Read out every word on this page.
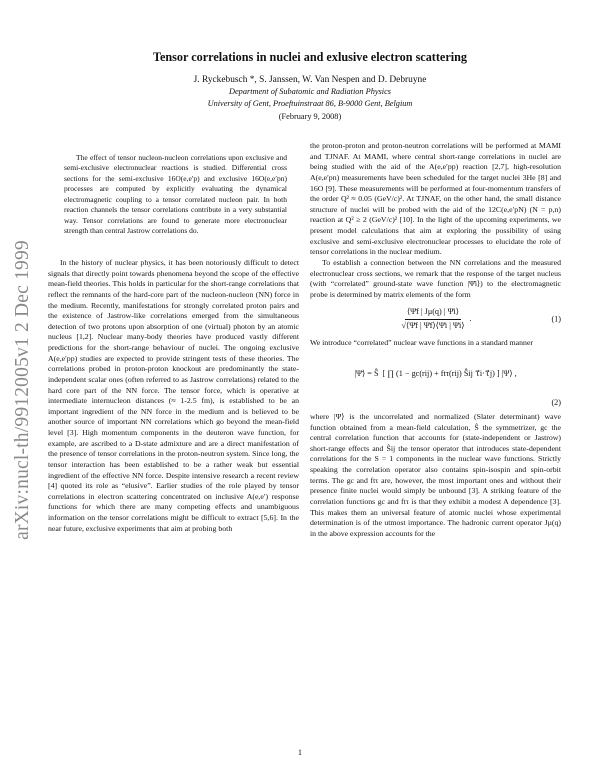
arXiv:nucl-th/9912005v1 2 Dec 1999
Tensor correlations in nuclei and exlusive electron scattering
J. Ryckebusch *, S. Janssen, W. Van Nespen and D. Debruyne
Department of Subatomic and Radiation Physics
University of Gent, Proeftuinstraat 86, B-9000 Gent, Belgium
(February 9, 2008)

The effect of tensor nucleon-nucleon correlations upon exclusive and semi-exclusive electronuclear reactions is studied. Differential cross sections for the semi-exclusive 16O(e,e′p) and exclusive 16O(e,e′pn) processes are computed by explicitly evaluating the dynamical electromagnetic coupling to a tensor correlated nucleon pair. In both reaction channels the tensor correlations contribute in a very substantial way. Tensor correlations are found to generate more electronuclear strength than central Jastrow correlations do.

In the history of nuclear physics, it has been notoriously difficult to detect signals that directly point towards phenomena beyond the scope of the effective mean-field theories. This holds in particular for the short-range correlations that reflect the remnants of the hard-core part of the nucleon-nucleon (NN) force in the medium. Recently, manifestations for strongly correlated proton pairs and the existence of Jastrow-like correlations emerged from the simultaneous detection of two protons upon absorption of one (virtual) photon by an atomic nucleus [1,2]. Nuclear many-body theories have produced vastly different predictions for the short-range behaviour of nuclei. The ongoing exclusive A(e,e′pp) studies are expected to provide stringent tests of these theories. The correlations probed in proton-proton knockout are predominantly the state-independent scalar ones (often referred to as Jastrow correlations) related to the hard core part of the NN force. The tensor force, which is operative at intermediate internucleon distances (≈ 1-2.5 fm), is established to be an important ingredient of the NN force in the medium and is believed to be another source of important NN correlations which go beyond the mean-field level [3]. High momentum components in the deuteron wave function, for example, are ascribed to a D-state admixture and are a direct manifestation of the presence of tensor correlations in the proton-neutron system. Since long, the tensor interaction has been established to be a rather weak but essential ingredient of the effective NN force. Despite intensive research a recent review [4] quoted its role as “elusive”. Earlier studies of the role played by tensor correlations in electron scattering concentrated on inclusive A(e,e′) response functions for which there are many competing effects and unambiguous information on the tensor correlations might be difficult to extract [5,6]. In the near future, exclusive experiments that aim at probing both

the proton-proton and proton-neutron correlations will be performed at MAMI and TJNAF. At MAMI, where central short-range correlations in nuclei are being studied with the aid of the A(e,e′pp) reaction [2,7], high-resolution A(e,e′pn) measurements have been scheduled for the target nuclei 3He [8] and 16O [9]. These measurements will be performed at four-momentum transfers of the order Q² ≈ 0.05 (GeV/c)². At TJNAF, on the other hand, the small distance structure of nuclei will be probed with the aid of the 12C(e,e′pN) (N = p,n) reaction at Q² ≥ 2 (GeV/c)² [10]. In the light of the upcoming experiments, we present model calculations that aim at exploring the possibility of using exclusive and semi-exclusive electronuclear processes to elucidate the role of tensor correlations in the nuclear medium.

To establish a connection between the NN correlations and the measured electronuclear cross sections, we remark that the response of the target nucleus (with “correlated” ground-state wave function |Ψ̄i⟩) to the electromagnetic probe is determined by matrix elements of the form

$\frac{⟨\Psīf | J\mu(q) | \Psīi⟩}{√⟨\Psīf | \Psīf⟩⟨\Psīi | \Psīi⟩}$ .	(1)

We introduce “correlated” nuclear wave functions in a standard manner

|Ψ̄⟩ = Ŝ [ ∏ (1 − gc(rij) + ftτ(rij) Ŝij τ⃗i·τ⃗j) ] |Ψ⟩ ,
(2)

where |Ψ⟩ is the uncorrelated and normalized (Slater determinant) wave function obtained from a mean-field calculation, Ŝ the symmetrizer, gc the central correlation function that accounts for (state-independent or Jastrow) short-range effects and Ŝij the tensor operator that introduces state-dependent correlations for the S = 1 components in the nuclear wave functions. Strictly speaking the correlation operator also contains spin-isospin and spin-orbit terms. The gc and ftτ are, however, the most important ones and without their presence finite nuclei would simply be unbound [3]. A striking feature of the correlation functions gc and ftτ is that they exhibit a modest A dependence [3]. This makes them an universal feature of atomic nuclei whose experimental determination is of the utmost importance. The hadronic current operator Jμ(q) in the above expression accounts for the

1
